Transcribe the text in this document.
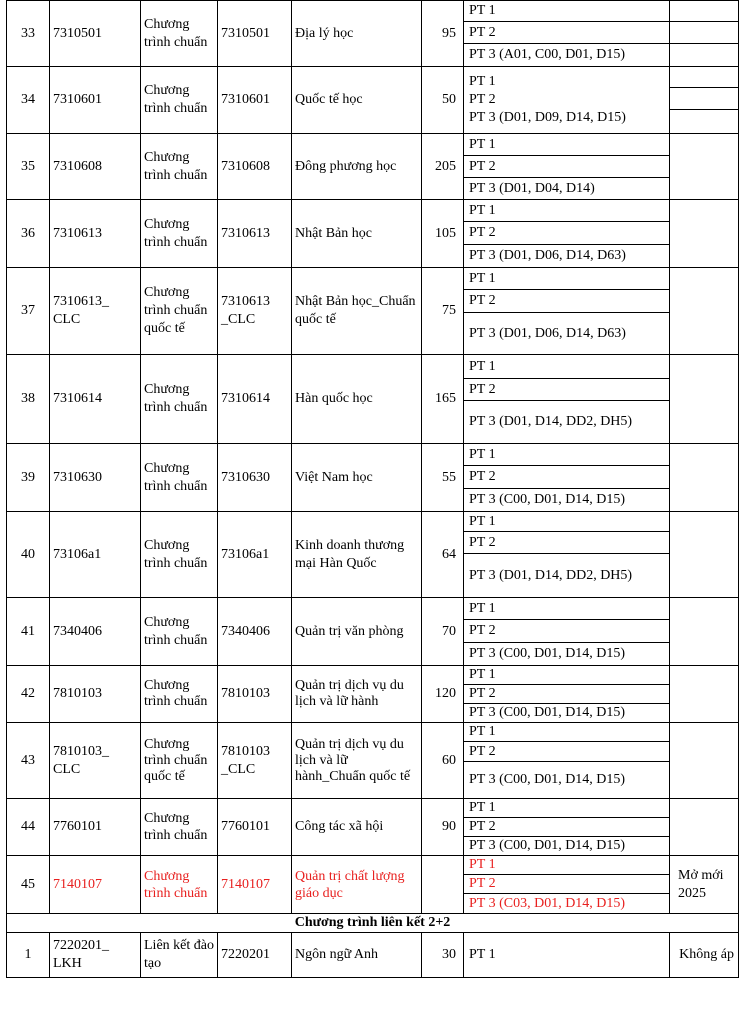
33	7310501	Chương trình chuẩn	7310501	Địa lý học	95	PT 1	
						PT 2	
						PT 3 (A01, C00, D01, D15)	
34	7310601	Chương trình chuẩn	7310601	Quốc tế học	50	PT 1
PT 2
PT 3 (D01, D09, D14, D15)	

35	7310608	Chương trình chuẩn	7310608	Đông phương học	205	PT 1	
						PT 2	
						PT 3 (D01, D04, D14)	
36	7310613	Chương trình chuẩn	7310613	Nhật Bản học	105	PT 1	
						PT 2	
						PT 3 (D01, D06, D14, D63)	
37	7310613_ CLC	Chương trình chuẩn quốc tế	7310613 _CLC	Nhật Bản học_Chuẩn quốc tế	75	PT 1	
						PT 2	
						PT 3 (D01, D06, D14, D63)	
38	7310614	Chương trình chuẩn	7310614	Hàn quốc học	165	PT 1	
						PT 2	
						PT 3 (D01, D14, DD2, DH5)	
39	7310630	Chương trình chuẩn	7310630	Việt Nam học	55	PT 1	
						PT 2	
						PT 3 (C00, D01, D14, D15)	
40	73106a1	Chương trình chuẩn	73106a1	Kinh doanh thương mại Hàn Quốc	64	PT 1	
						PT 2	
						PT 3 (D01, D14, DD2, DH5)	

41	7340406	Chương trình chuẩn	7340406	Quản trị văn phòng	70	PT 1	
						PT 2	
						PT 3 (C00, D01, D14, D15)	
42	7810103	Chương trình chuẩn	7810103	Quản trị dịch vụ du lịch và lữ hành	120	PT 1	
						PT 2	
						PT 3 (C00, D01, D14, D15)	
43	7810103_ CLC	Chương trình chuẩn quốc tế	7810103 _CLC	Quản trị dịch vụ du lịch và lữ hành_Chuẩn quốc tế	60	PT 1	
						PT 2	
						PT 3 (C00, D01, D14, D15)	
44	7760101	Chương trình chuẩn	7760101	Công tác xã hội	90	PT 1	
						PT 2	
						PT 3 (C00, D01, D14, D15)	
45	7140107	Chương trình chuẩn	7140107	Quản trị chất lượng giáo dục		PT 1	Mở mới 2025
						PT 2	
						PT 3 (C03, D01, D14, D15)	
Chương trình liên kết 2+2							
1	7220201_ LKH	Liên kết đào tạo	7220201	Ngôn ngữ Anh	30	PT 1	Không áp
